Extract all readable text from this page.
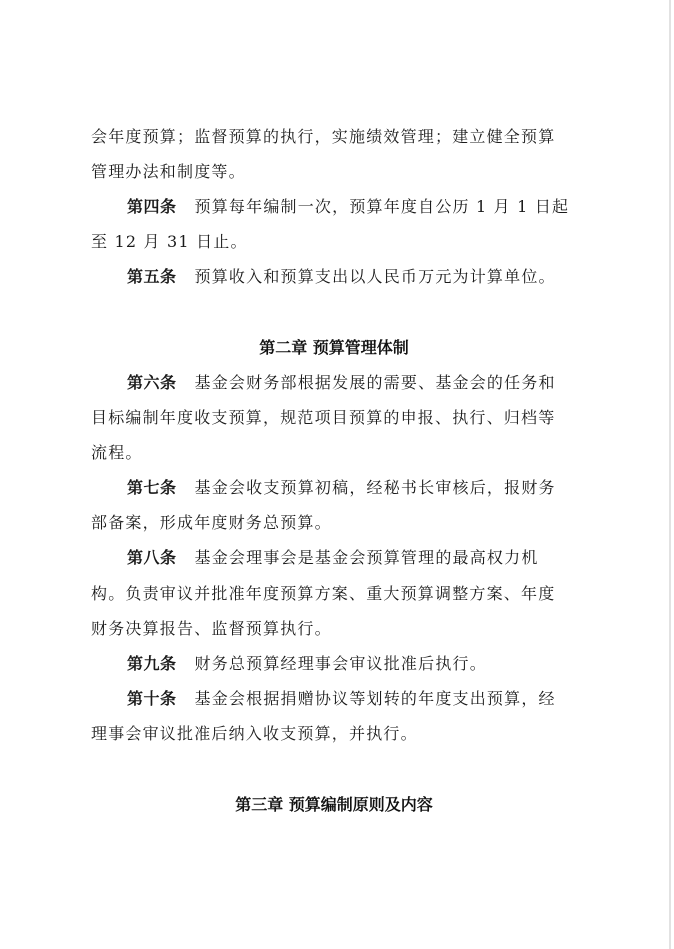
会年度预算；监督预算的执行，实施绩效管理；建立健全预算

管理办法和制度等。

第四条 预算每年编制一次，预算年度自公历 1 月 1 日起

至 12 月 31 日止。

第五条 预算收入和预算支出以人民币万元为计算单位。

第二章 预算管理体制

第六条 基金会财务部根据发展的需要、基金会的任务和

目标编制年度收支预算，规范项目预算的申报、执行、归档等

流程。

第七条 基金会收支预算初稿，经秘书长审核后，报财务

部备案，形成年度财务总预算。

第八条 基金会理事会是基金会预算管理的最高权力机

构。负责审议并批准年度预算方案、重大预算调整方案、年度

财务决算报告、监督预算执行。

第九条 财务总预算经理事会审议批准后执行。

第十条 基金会根据捐赠协议等划转的年度支出预算，经

理事会审议批准后纳入收支预算，并执行。

第三章 预算编制原则及内容
